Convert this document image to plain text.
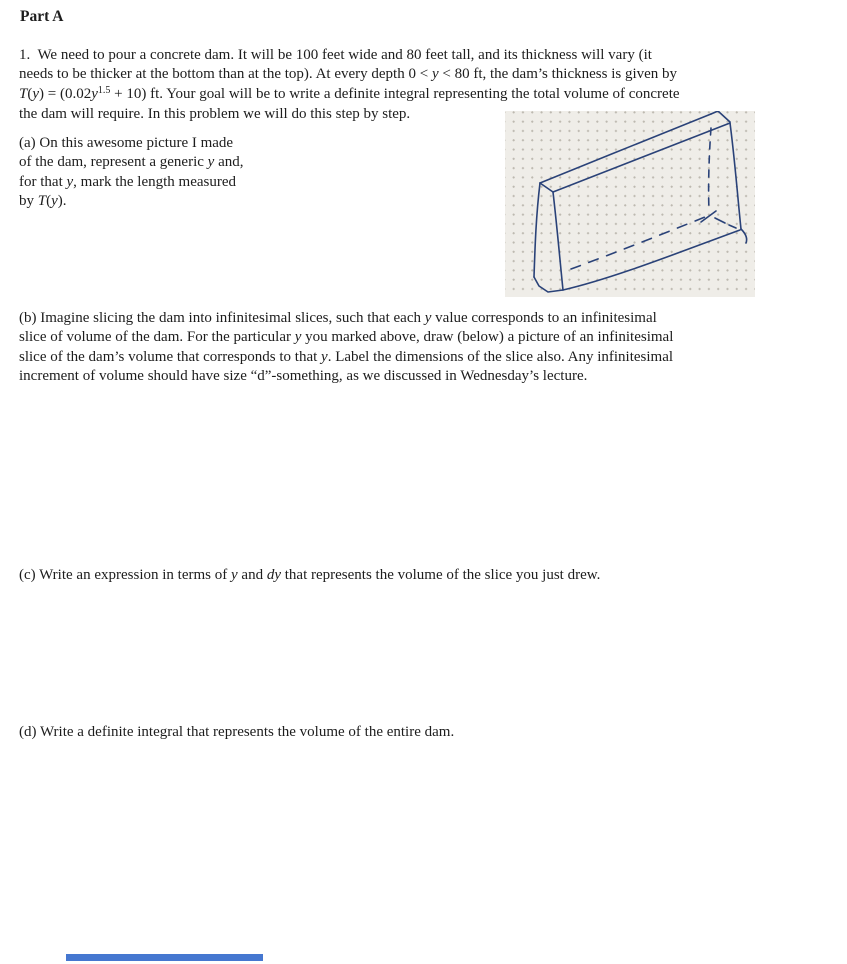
Part A
1.  We need to pour a concrete dam. It will be 100 feet wide and 80 feet tall, and its thickness will vary (it
needs to be thicker at the bottom than at the top). At every depth 0 < y < 80 ft, the dam’s thickness is given by
$T(y) = (0.02y^{1.5} + 10)$ ft. Your goal will be to write a definite integral representing the total volume of concrete
the dam will require. In this problem we will do this step by step.
(a) On this awesome picture I made
of the dam, represent a generic y and,
for that y, mark the length measured
by T(y).
(b) Imagine slicing the dam into infinitesimal slices, such that each y value corresponds to an infinitesimal
slice of volume of the dam. For the particular y you marked above, draw (below) a picture of an infinitesimal
slice of the dam’s volume that corresponds to that y. Label the dimensions of the slice also. Any infinitesimal
increment of volume should have size “d”-something, as we discussed in Wednesday’s lecture.
(c) Write an expression in terms of y and dy that represents the volume of the slice you just drew.
(d) Write a definite integral that represents the volume of the entire dam.
